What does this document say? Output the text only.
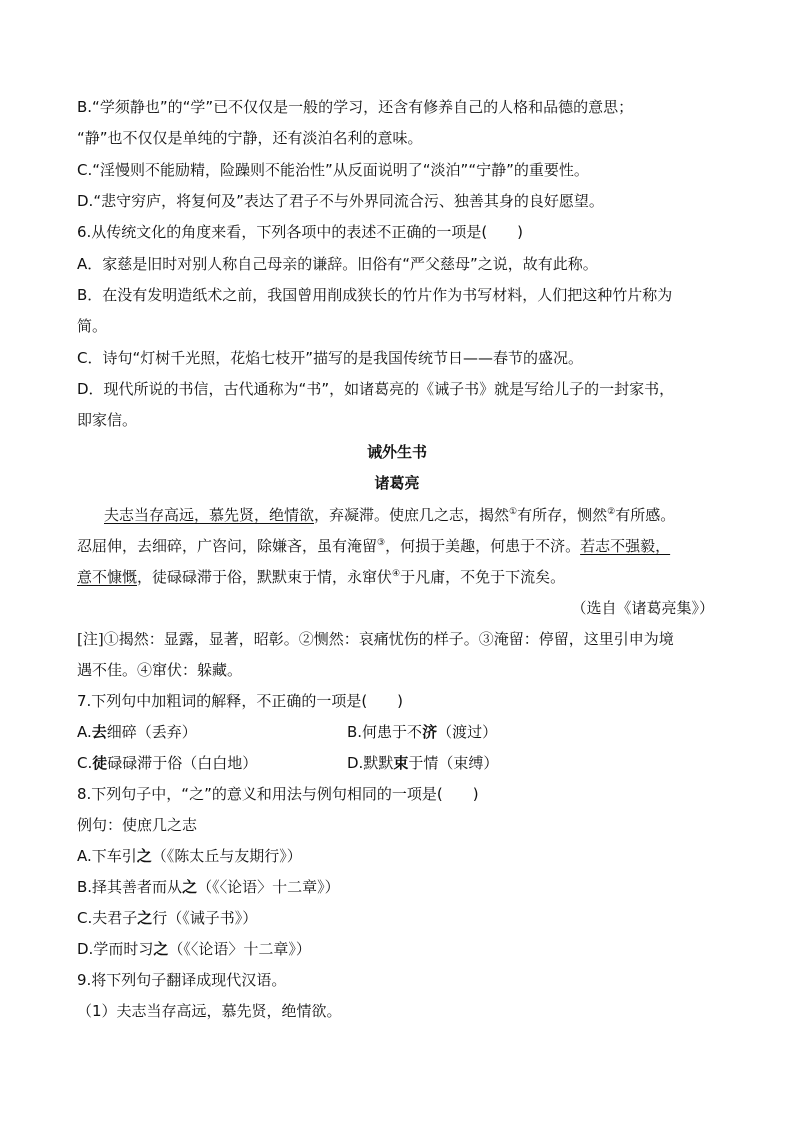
B.“学须静也”的“学”已不仅仅是一般的学习，还含有修养自己的人格和品德的意思；
“静”也不仅仅是单纯的宁静，还有淡泊名利的意味。
C.“淫慢则不能励精，险躁则不能治性”从反面说明了“淡泊”“宁静”的重要性。
D.“悲守穷庐，将复何及”表达了君子不与外界同流合污、独善其身的良好愿望。
6.从传统文化的角度来看，下列各项中的表述不正确的一项是(　　)
A．家慈是旧时对别人称自己母亲的谦辞。旧俗有“严父慈母”之说，故有此称。
B．在没有发明造纸术之前，我国曾用削成狭长的竹片作为书写材料，人们把这种竹片称为
简。
C．诗句“灯树千光照，花焰七枝开”描写的是我国传统节日——春节的盛况。
D．现代所说的书信，古代通称为“书”，如诸葛亮的《诫子书》就是写给儿子的一封家书，
即家信。
诫外生书
诸葛亮
夫志当存高远，慕先贤，绝情欲，弃凝滞。使庶几之志，揭然①有所存，恻然②有所感。
忍屈伸，去细碎，广咨问，除嫌吝，虽有淹留③，何损于美趣，何患于不济。若志不强毅，
意不慷慨，徒碌碌滞于俗，默默束于情，永窜伏④于凡庸，不免于下流矣。
（选自《诸葛亮集》）
[注]①揭然：显露，显著，昭彰。②恻然：哀痛忧伤的样子。③淹留：停留，这里引申为境
遇不佳。④窜伏：躲藏。
7.下列句中加粗词的解释，不正确的一项是(　　)
A.去细碎（丢弃）	B.何患于不济（渡过）
C.徒碌碌滞于俗（白白地）	D.默默束于情（束缚）
8.下列句子中，“之”的意义和用法与例句相同的一项是(　　)
例句：使庶几之志
A.下车引之（《陈太丘与友期行》）
B.择其善者而从之（《〈论语〉十二章》）
C.夫君子之行（《诫子书》）
D.学而时习之（《〈论语〉十二章》）
9.将下列句子翻译成现代汉语。
（1）夫志当存高远，慕先贤，绝情欲。
